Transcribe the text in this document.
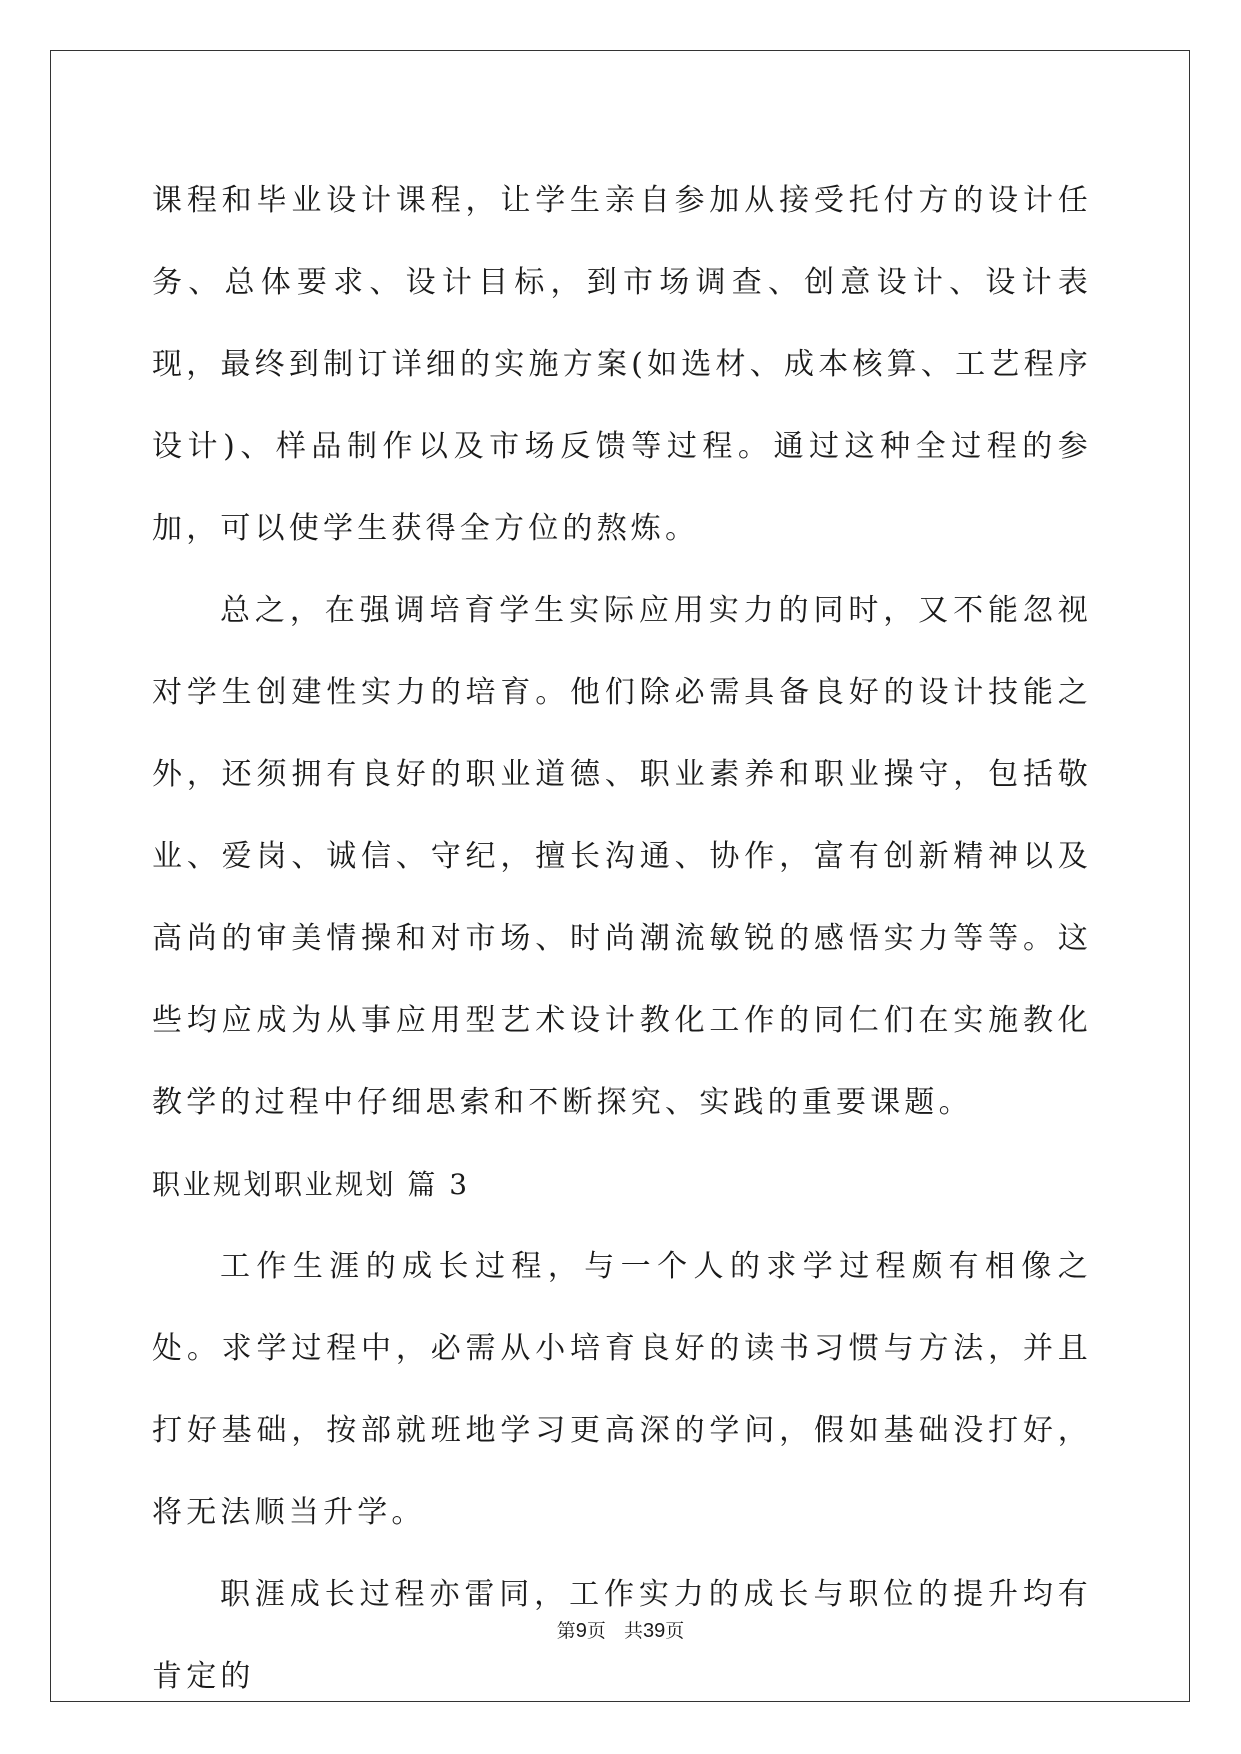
课程和毕业设计课程，让学生亲自参加从接受托付方的设计任务、总体要求、设计目标，到市场调查、创意设计、设计表现，最终到制订详细的实施方案(如选材、成本核算、工艺程序设计)、样品制作以及市场反馈等过程。通过这种全过程的参加，可以使学生获得全方位的熬炼。

总之，在强调培育学生实际应用实力的同时，又不能忽视对学生创建性实力的培育。他们除必需具备良好的设计技能之外，还须拥有良好的职业道德、职业素养和职业操守，包括敬业、爱岗、诚信、守纪，擅长沟通、协作，富有创新精神以及高尚的审美情操和对市场、时尚潮流敏锐的感悟实力等等。这些均应成为从事应用型艺术设计教化工作的同仁们在实施教化教学的过程中仔细思索和不断探究、实践的重要课题。

职业规划职业规划 篇 3

工作生涯的成长过程，与一个人的求学过程颇有相像之处。求学过程中，必需从小培育良好的读书习惯与方法，并且打好基础，按部就班地学习更高深的学问，假如基础没打好，将无法顺当升学。

职涯成长过程亦雷同，工作实力的成长与职位的提升均有肯定的

第9页 共39页
